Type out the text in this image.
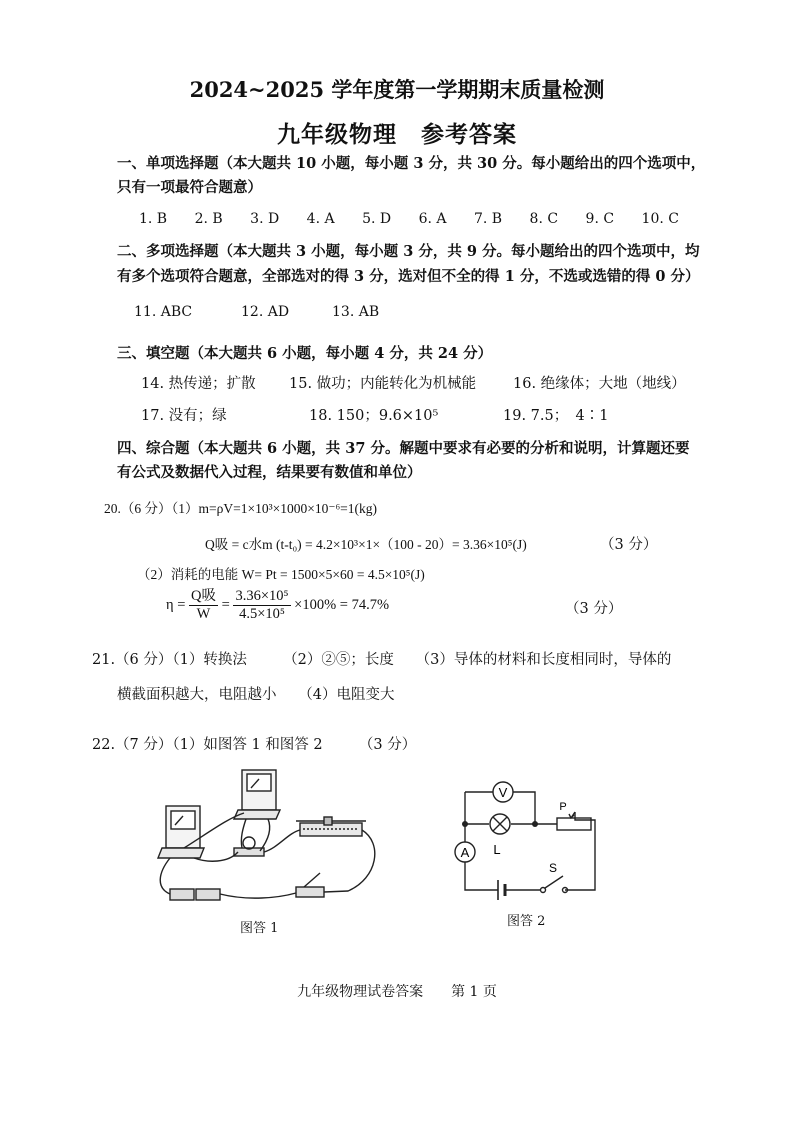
2024~2025 学年度第一学期期末质量检测
九年级物理　参考答案
一、单项选择题（本大题共 10 小题，每小题 3 分，共 30 分。每小题给出的四个选项中，
只有一项最符合题意）
1. B 2. B 3. D 4. A 5. D 6. A 7. B 8. C 9. C 10. C
二、多项选择题（本大题共 3 小题，每小题 3 分，共 9 分。每小题给出的四个选项中，均
有多个选项符合题意，全部选对的得 3 分，选对但不全的得 1 分，不选或选错的得 0 分）
11. ABC	12. AD	13. AB
三、填空题（本大题共 6 小题，每小题 4 分，共 24 分）
14. 热传递；扩散 15. 做功；内能转化为机械能	16. 绝缘体；大地（地线）
17. 没有；绿	18. 150；9.6×10⁵	19. 7.5；　4∶1
四、综合题（本大题共 6 小题，共 37 分。解题中要求有必要的分析和说明，计算题还要
有公式及数据代入过程，结果要有数值和单位）
20.（6 分）（1）m=ρV=1×10³×1000×10⁻⁶=1(kg)
Q吸 = c水m (t-t₀) = 4.2×10³×1×（100 - 20）= 3.36×10⁵(J)	（3 分）
（2）消耗的电能 W= Pt = 1500×5×60 = 4.5×10⁵(J)
$\eta = \frac{\text{Q吸}}{W} = \frac{\text{3.36×10⁵}}{\text{4.5×10⁵}} \times 100\% = 74.7\%$	（3 分）
21.（6 分）（1）转换法　　　（2）②⑤；长度　　（3）导体的材料和长度相同时，导体的
横截面积越大，电阻越小　　（4）电阻变大
22.（7 分）（1）如图答 1 和图答 2　　　（3 分）
图答 1
V
A L
P
S
图答 2
九年级物理试卷答案　　第 1 页
